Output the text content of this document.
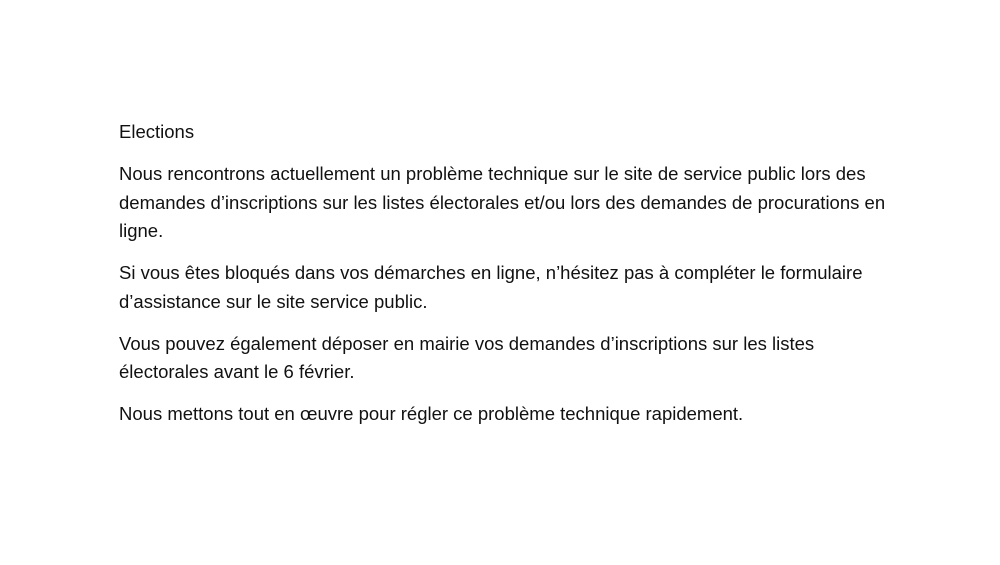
Elections

Nous rencontrons actuellement un problème technique sur le site de service public lors des demandes d’inscriptions sur les listes électorales et/ou lors des demandes de procurations en ligne.

Si vous êtes bloqués dans vos démarches en ligne, n’hésitez pas à compléter le formulaire d’assistance sur le site service public.

Vous pouvez également déposer en mairie vos demandes d’inscriptions sur les listes électorales avant le 6 février.

Nous mettons tout en œuvre pour régler ce problème technique rapidement.
